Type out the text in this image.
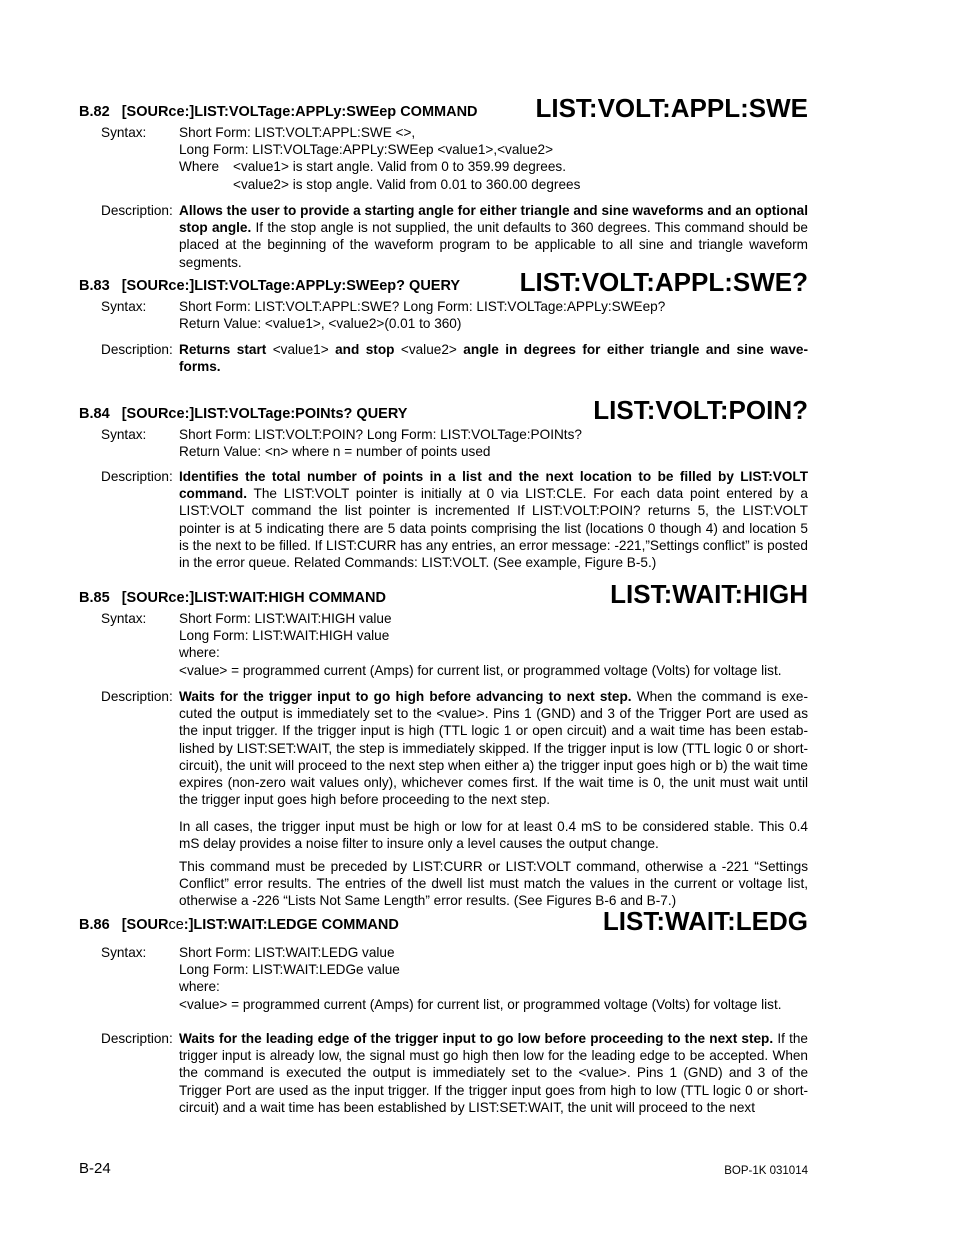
B.82   [SOURce:]LIST:VOLTage:APPLy:SWEep COMMAND LIST:VOLT:APPL:SWE
Syntax: Short Form: LIST:VOLT:APPL:SWE <>,
Long Form: LIST:VOLTage:APPLy:SWEep <value1>,<value2>
Where <value1> is start angle. Valid from 0 to 359.99 degrees.
<value2> is stop angle. Valid from 0.01 to 360.00 degrees
Description: Allows the user to provide a starting angle for either triangle and sine waveforms and an optional stop angle. If the stop angle is not supplied, the unit defaults to 360 degrees. This command should be placed at the beginning of the waveform program to be applicable to all sine and triangle waveform segments.

B.83   [SOURce:]LIST:VOLTage:APPLy:SWEep? QUERY LIST:VOLT:APPL:SWE?
Syntax: Short Form: LIST:VOLT:APPL:SWE? Long Form: LIST:VOLTage:APPLy:SWEep?
Return Value: <value1>, <value2>(0.01 to 360)
Description: Returns start <value1> and stop <value2> angle in degrees for either triangle and sine wave-forms.

B.84   [SOURce:]LIST:VOLTage:POINts? QUERY	LIST:VOLT:POIN?
Syntax: Short Form: LIST:VOLT:POIN? Long Form: LIST:VOLTage:POINts?
Return Value: <n> where n = number of points used
Description: Identifies the total number of points in a list and the next location to be filled by LIST:VOLT command. The LIST:VOLT pointer is initially at 0 via LIST:CLE. For each data point entered by a LIST:VOLT command the list pointer is incremented If LIST:VOLT:POIN? returns 5, the LIST:VOLT pointer is at 5 indicating there are 5 data points comprising the list (locations 0 though 4) and location 5 is the next to be filled. If LIST:CURR has any entries, an error message: -221,”Settings conflict” is posted in the error queue. Related Commands: LIST:VOLT. (See example, Figure B-5.)

B.85   [SOURce:]LIST:WAIT:HIGH COMMAND	LIST:WAIT:HIGH
Syntax: Short Form: LIST:WAIT:HIGH value
Long Form: LIST:WAIT:HIGH value
where:
<value> = programmed current (Amps) for current list, or programmed voltage (Volts) for voltage list.
Description: Waits for the trigger input to go high before advancing to next step. When the command is exe-cuted the output is immediately set to the <value>. Pins 1 (GND) and 3 of the Trigger Port are used as the input trigger. If the trigger input is high (TTL logic 1 or open circuit) and a wait time has been estab-lished by LIST:SET:WAIT, the step is immediately skipped. If the trigger input is low (TTL logic 0 or short-circuit), the unit will proceed to the next step when either a) the trigger input goes high or b) the wait time expires (non-zero wait values only), whichever comes first. If the wait time is 0, the unit must wait until the trigger input goes high before proceeding to the next step.

In all cases, the trigger input must be high or low for at least 0.4 mS to be considered stable. This 0.4 mS delay provides a noise filter to insure only a level causes the output change.

This command must be preceded by LIST:CURR or LIST:VOLT command, otherwise a -221 “Settings Conflict” error results. The entries of the dwell list must match the values in the current or voltage list, otherwise a -226 “Lists Not Same Length” error results. (See Figures B-6 and B-7.)

B.86   [SOURce:]LIST:WAIT:LEDGE COMMAND	LIST:WAIT:LEDG
Syntax: Short Form: LIST:WAIT:LEDG value
Long Form: LIST:WAIT:LEDGe value
where:
<value> = programmed current (Amps) for current list, or programmed voltage (Volts) for voltage list.
Description: Waits for the leading edge of the trigger input to go low before proceeding to the next step. If the trigger input is already low, the signal must go high then low for the leading edge to be accepted. When the command is executed the output is immediately set to the <value>. Pins 1 (GND) and 3 of the Trigger Port are used as the input trigger. If the trigger input goes from high to low (TTL logic 0 or short-circuit) and a wait time has been established by LIST:SET:WAIT, the unit will proceed to the next

B-24	BOP-1K 031014
